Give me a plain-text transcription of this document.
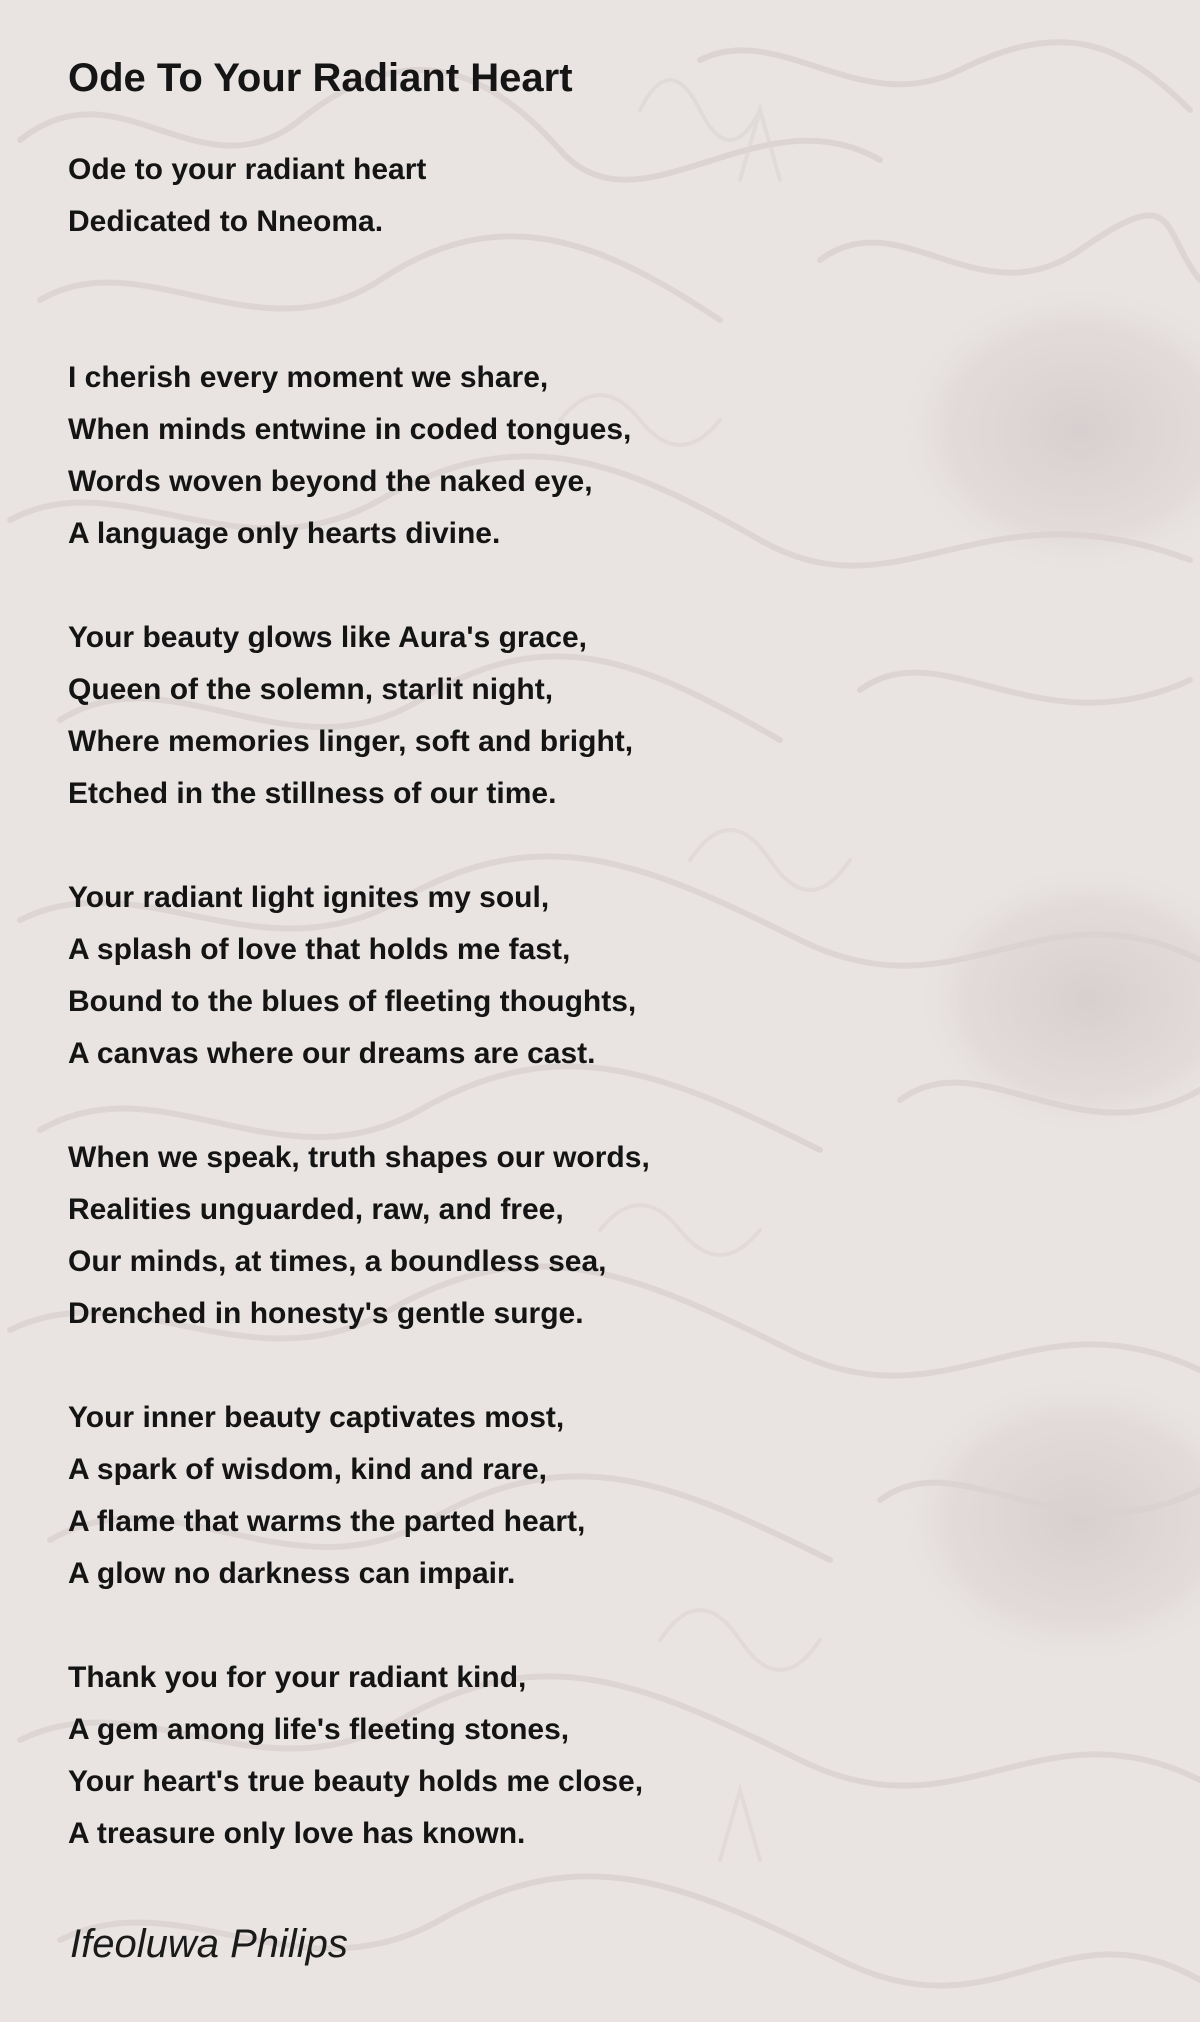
Ode To Your Radiant Heart
Ode to your radiant heart
Dedicated to Nneoma.
I cherish every moment we share,
When minds entwine in coded tongues,
Words woven beyond the naked eye,
A language only hearts divine.
Your beauty glows like Aura's grace,
Queen of the solemn, starlit night,
Where memories linger, soft and bright,
Etched in the stillness of our time.
Your radiant light ignites my soul,
A splash of love that holds me fast,
Bound to the blues of fleeting thoughts,
A canvas where our dreams are cast.
When we speak, truth shapes our words,
Realities unguarded, raw, and free,
Our minds, at times, a boundless sea,
Drenched in honesty's gentle surge.
Your inner beauty captivates most,
A spark of wisdom, kind and rare,
A flame that warms the parted heart,
A glow no darkness can impair.
Thank you for your radiant kind,
A gem among life's fleeting stones,
Your heart's true beauty holds me close,
A treasure only love has known.
Ifeoluwa Philips
